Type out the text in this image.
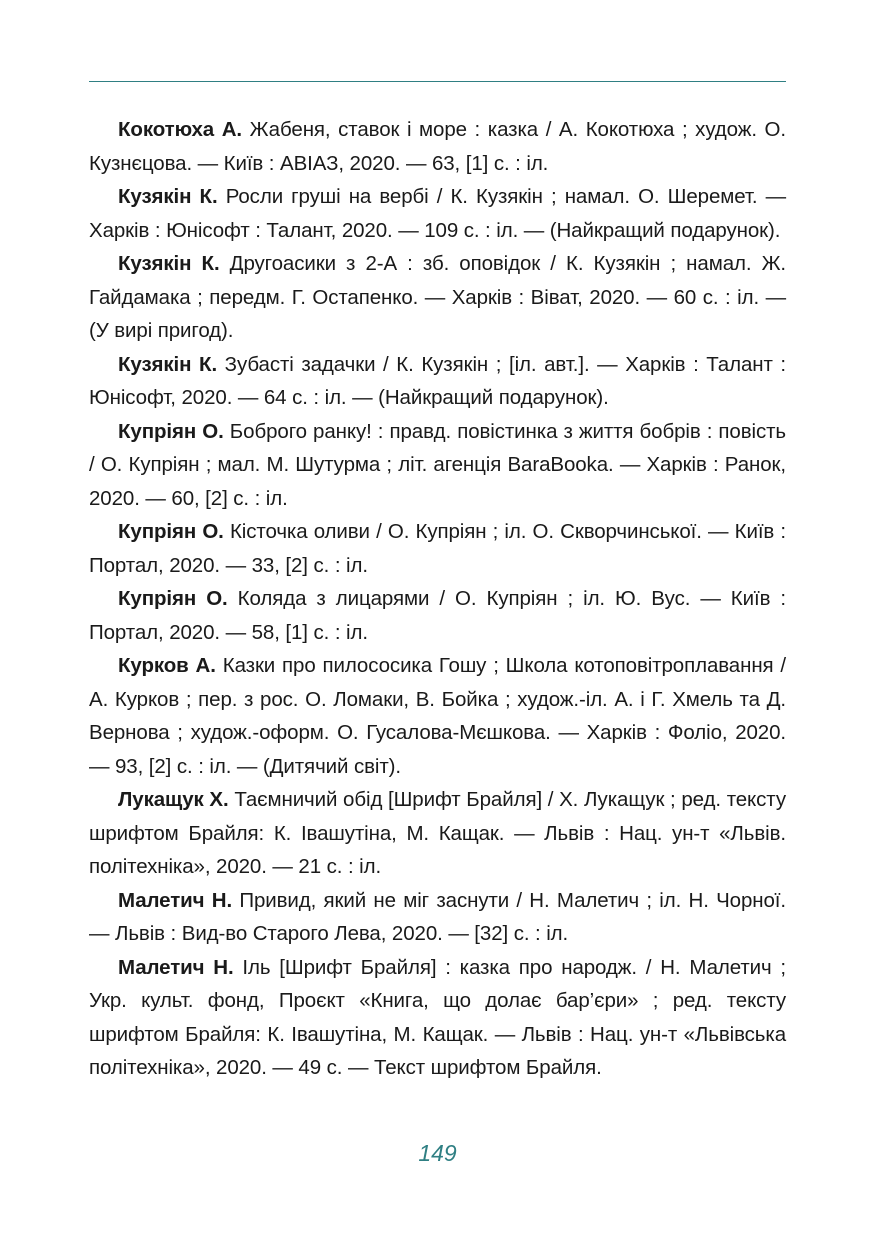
Кокотюха А. Жабеня, ставок і море : казка / А. Кокотюха ; худож. О. Кузнєцова. — Київ : АВІАЗ, 2020. — 63, [1] с. : іл.

Кузякін К. Росли груші на вербі / К. Кузякін ; намал. О. Шеремет. — Харків : Юнісофт : Талант, 2020. — 109 с. : іл. — (Найкращий подарунок).

Кузякін К. Другоасики з 2-А : зб. оповідок / К. Кузякін ; намал. Ж. Гайдамака ; передм. Г. Остапенко. — Харків : Віват, 2020. — 60 с. : іл. — (У вирі пригод).

Кузякін К. Зубасті задачки / К. Кузякін ; [іл. авт.]. — Харків : Талант : Юнісофт, 2020. — 64 с. : іл. — (Найкращий подарунок).

Купріян О. Боброго ранку! : правд. повістинка з життя бобрів : повість / О. Купріян ; мал. М. Шутурма ; літ. агенція BaraBooka. — Харків : Ранок, 2020. — 60, [2] с. : іл.

Купріян О. Кісточка оливи / О. Купріян ; іл. О. Скворчинської. — Київ : Портал, 2020. — 33, [2] с. : іл.

Купріян О. Коляда з лицарями / О. Купріян ; іл. Ю. Вус. — Київ : Портал, 2020. — 58, [1] с. : іл.

Курков А. Казки про пилососика Гошу ; Школа котоповітроплавання / А. Курков ; пер. з рос. О. Ломаки, В. Бойка ; худож.-іл. А. і Г. Хмель та Д. Вернова ; худож.-оформ. О. Гусалова-Мєшкова. — Харків : Фоліо, 2020. — 93, [2] с. : іл. — (Дитячий світ).

Лукащук Х. Таємничий обід [Шрифт Брайля] / Х. Лукащук ; ред. тексту шрифтом Брайля: К. Івашутіна, М. Кащак. — Львів : Нац. ун-т «Львів. політехніка», 2020. — 21 с. : іл.

Малетич Н. Привид, який не міг заснути / Н. Малетич ; іл. Н. Чорної. — Львів : Вид-во Старого Лева, 2020. — [32] с. : іл.

Малетич Н. Іль [Шрифт Брайля] : казка про народж. / Н. Малетич ; Укр. культ. фонд, Проєкт «Книга, що долає бар’єри» ; ред. тексту шрифтом Брайля: К. Івашутіна, М. Кащак. — Львів : Нац. ун-т «Львівська політехніка», 2020. — 49 с. — Текст шрифтом Брайля.

149
